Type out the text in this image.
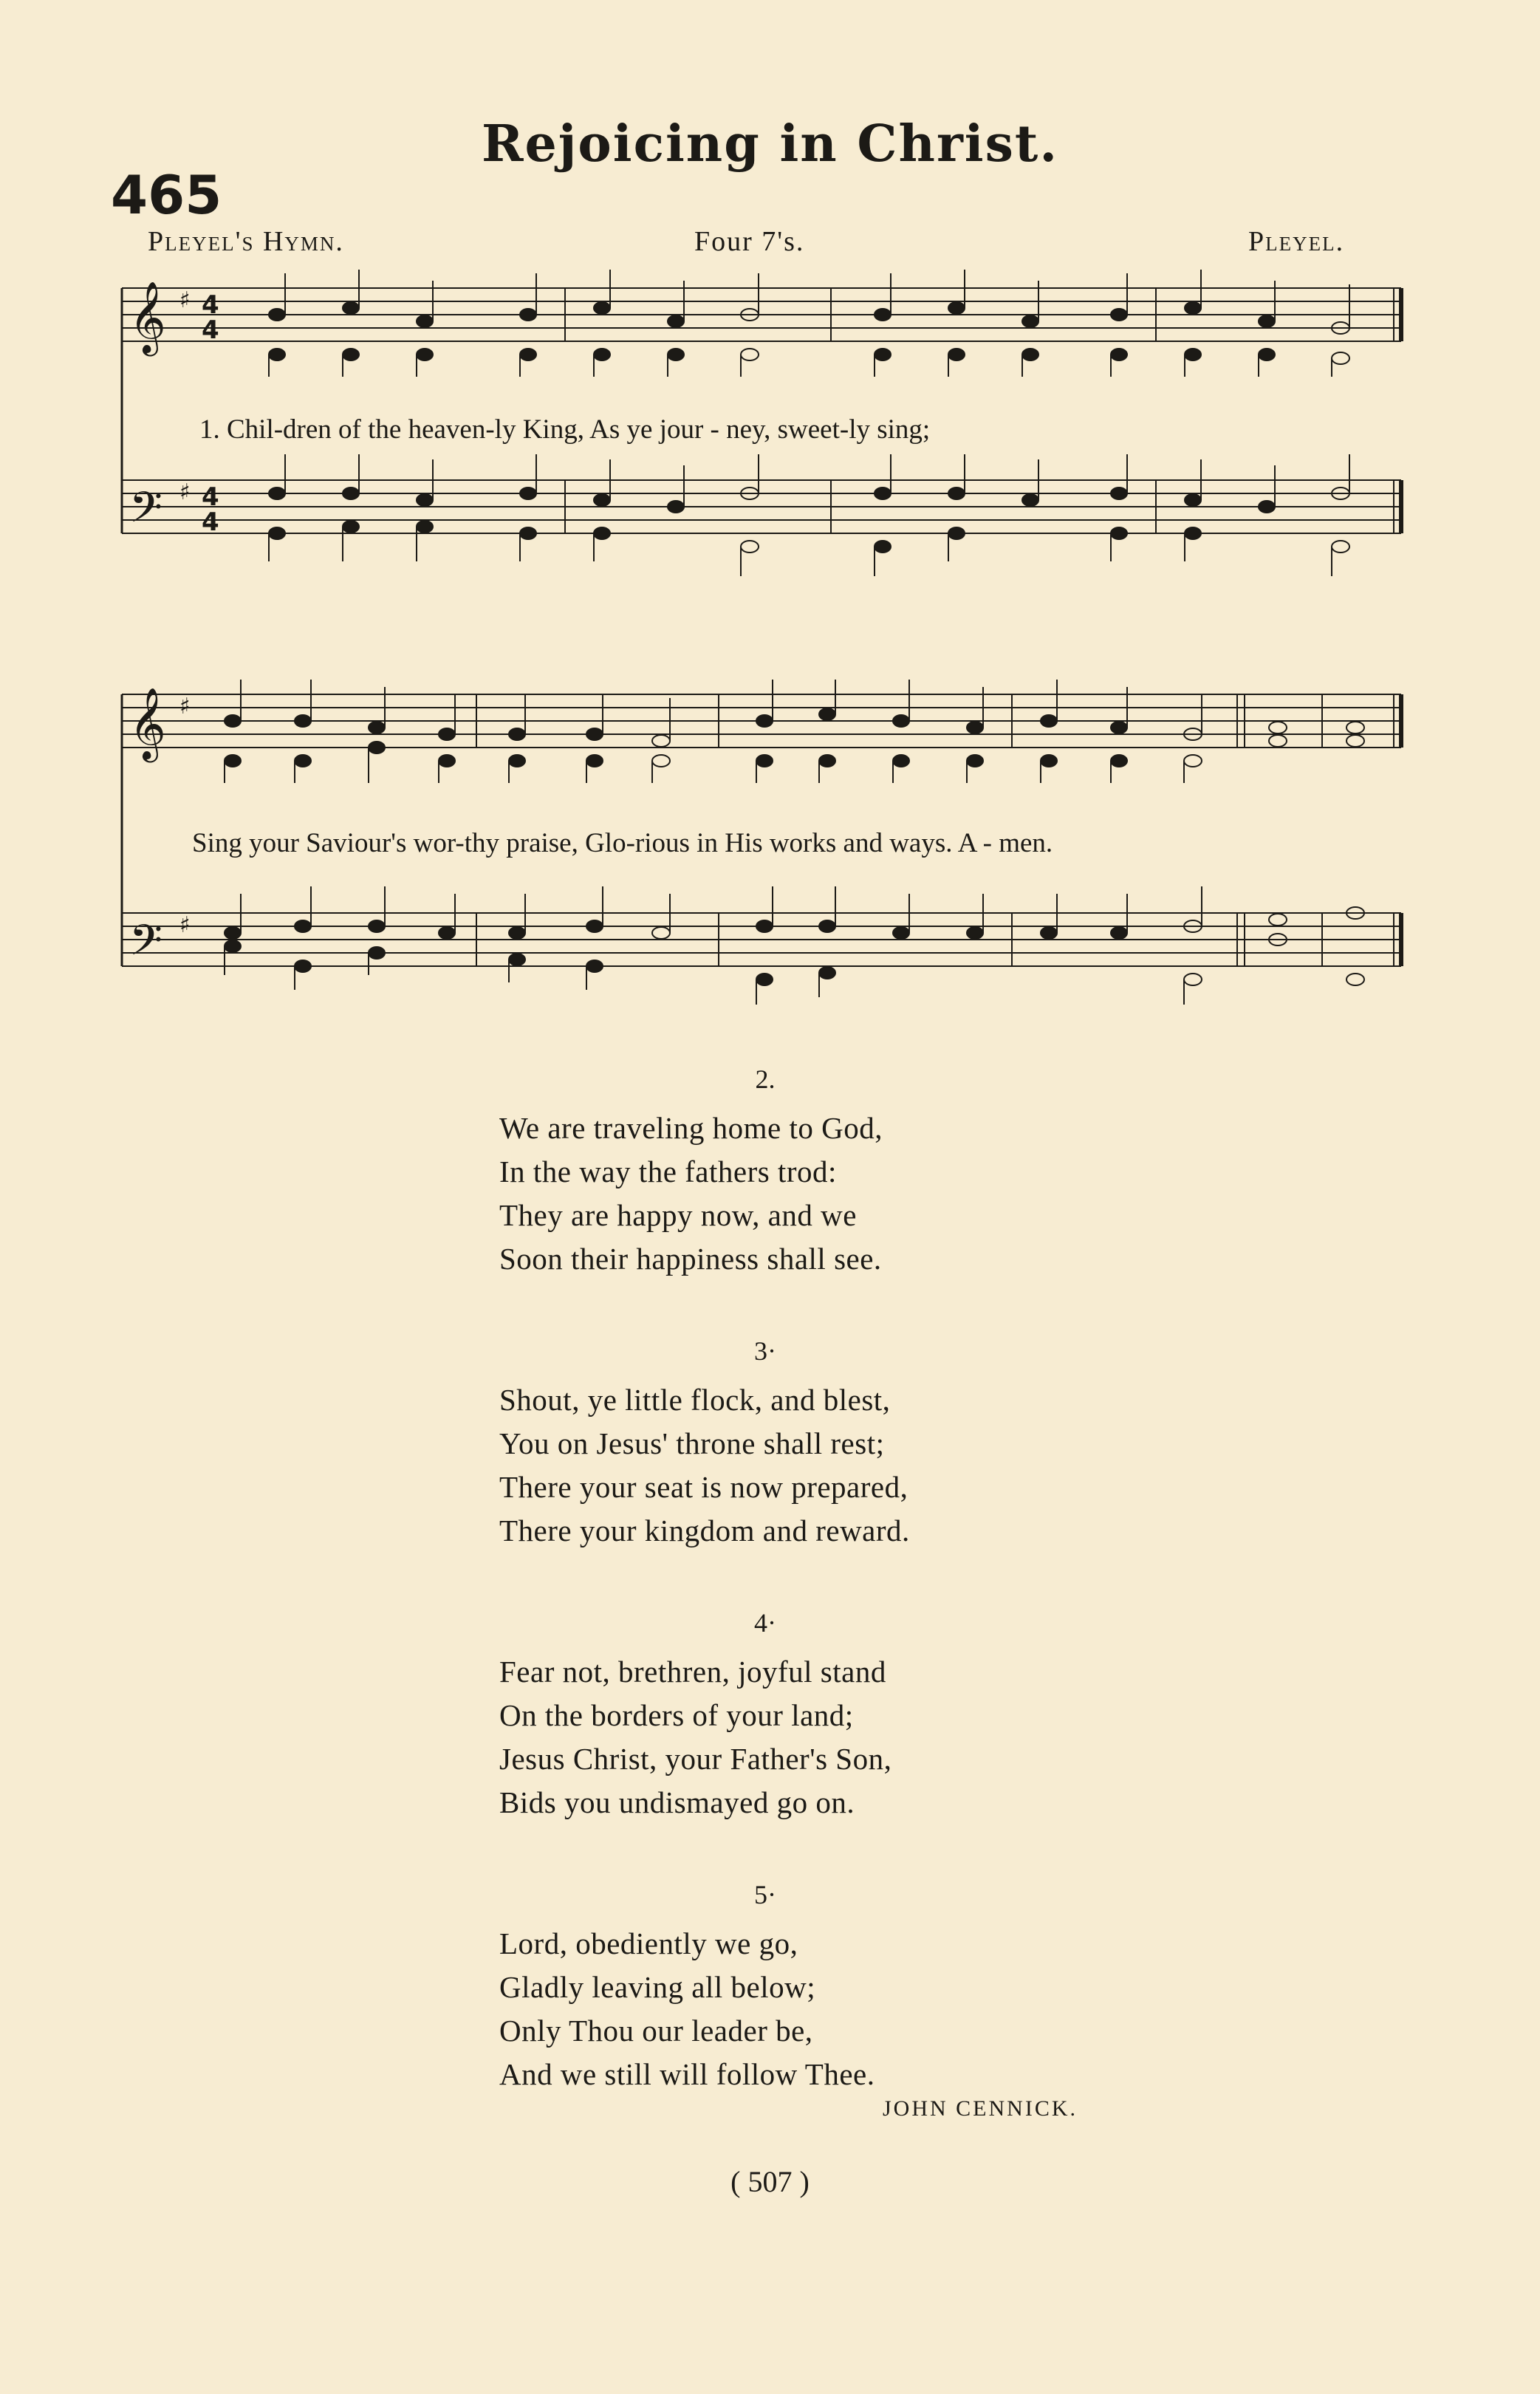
Rejoicing in Christ.
465
Pleyel's Hymn.	Four 7's.	Pleyel.
𝄞
𝄢
♯
♯
4
4
4
4
1. Chil-dren of the heaven-ly King, As ye jour - ney, sweet-ly sing;
𝄞
𝄢
♯
♯
Sing your Saviour's wor-thy praise, Glo-rious in His works and ways. A - men.
2.
We are traveling home to God,
In the way the fathers trod:
They are happy now, and we
Soon their happiness shall see.
3·
Shout, ye little flock, and blest,
You on Jesus' throne shall rest;
There your seat is now prepared,
There your kingdom and reward.
4·
Fear not, brethren, joyful stand
On the borders of your land;
Jesus Christ, your Father's Son,
Bids you undismayed go on.
5·
Lord, obediently we go,
Gladly leaving all below;
Only Thou our leader be,
And we still will follow Thee.
JOHN CENNICK.
( 507 )
